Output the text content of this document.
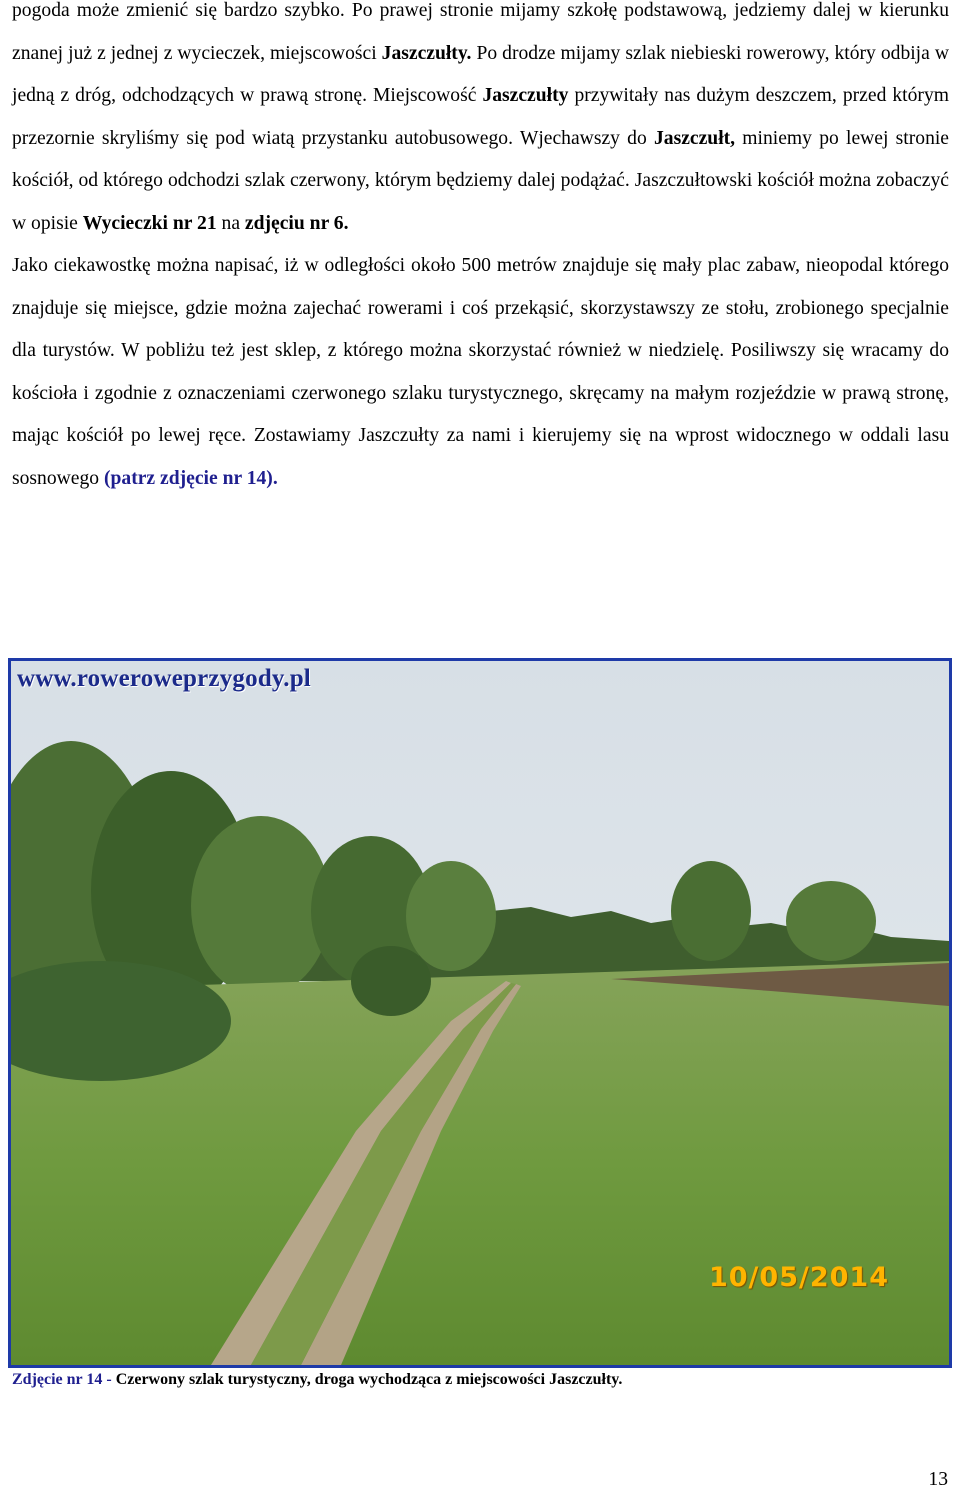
pogoda może zmienić się bardzo szybko. Po prawej stronie mijamy szkołę podstawową, jedziemy dalej w kierunku znanej już z jednej z wycieczek, miejscowości Jaszczułty. Po drodze mijamy szlak niebieski rowerowy, który odbija w jedną z dróg, odchodzących w prawą stronę. Miejscowość Jaszczułty przywitały nas dużym deszczem, przed którym przezornie skryliśmy się pod wiatą przystanku autobusowego. Wjechawszy do Jaszczułt, miniemy po lewej stronie kościół, od którego odchodzi szlak czerwony, którym będziemy dalej podążać. Jaszczułtowski kościół można zobaczyć w opisie Wycieczki nr 21 na zdjęciu nr 6.

Jako ciekawostkę można napisać, iż w odległości około 500 metrów znajduje się mały plac zabaw, nieopodal którego znajduje się miejsce, gdzie można zajechać rowerami i coś przekąsić, skorzystawszy ze stołu, zrobionego specjalnie dla turystów. W pobliżu też jest sklep, z którego można skorzystać również w niedzielę. Posiliwszy się wracamy do kościoła i zgodnie z oznaczeniami czerwonego szlaku turystycznego, skręcamy na małym rozjeździe w prawą stronę, mając kościół po lewej ręce. Zostawiamy Jaszczułty za nami i kierujemy się na wprost widocznego w oddali lasu sosnowego (patrz zdjęcie nr 14).

www.roweroweprzygody.pl
10/05/2014
Zdjęcie nr 14 - Czerwony szlak turystyczny, droga wychodząca z miejscowości Jaszczułty.
13
